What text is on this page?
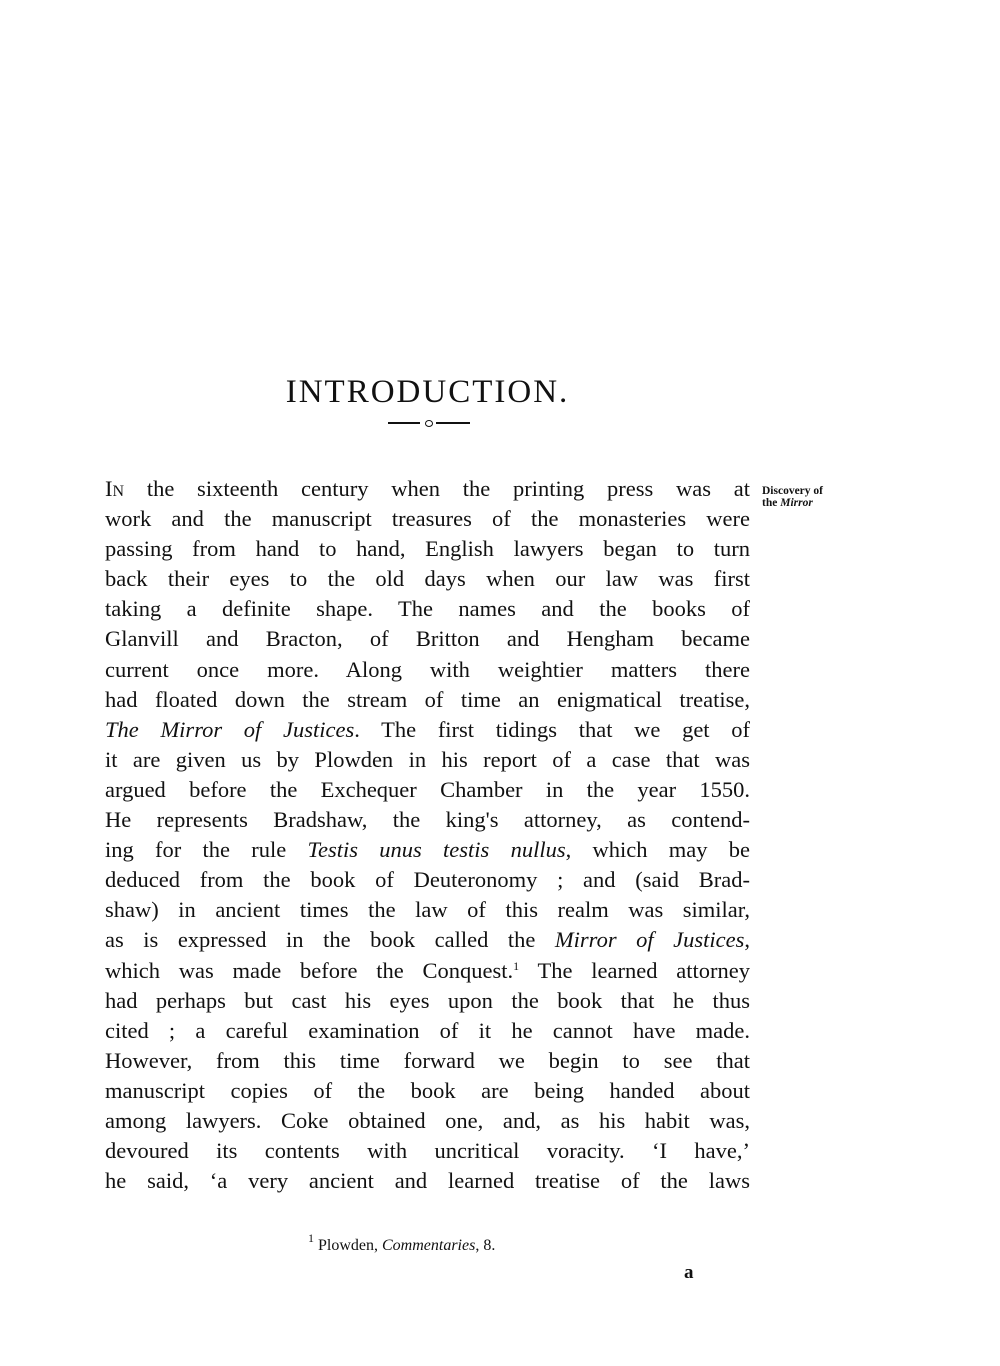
INTRODUCTION.
Discovery of
the Mirror
IN the sixteenth century when the printing press was at
work and the manuscript treasures of the monasteries were
passing from hand to hand, English lawyers began to turn
back their eyes to the old days when our law was first
taking a definite shape. The names and the books of
Glanvill and Bracton, of Britton and Hengham became
current once more. Along with weightier matters there
had floated down the stream of time an enigmatical treatise,
The Mirror of Justices. The first tidings that we get of
it are given us by Plowden in his report of a case that was
argued before the Exchequer Chamber in the year 1550.
He represents Bradshaw, the king's attorney, as contend-
ing for the rule Testis unus testis nullus, which may be
deduced from the book of Deuteronomy ; and (said Brad-
shaw) in ancient times the law of this realm was similar,
as is expressed in the book called the Mirror of Justices,
which was made before the Conquest.$^1$ The learned attorney
had perhaps but cast his eyes upon the book that he thus
cited ; a careful examination of it he cannot have made.
However, from this time forward we begin to see that
manuscript copies of the book are being handed about
among lawyers. Coke obtained one, and, as his habit was,
devoured its contents with uncritical voracity. ‘I have,’
he said, ‘a very ancient and learned treatise of the laws
$^1$ Plowden, Commentaries, 8.
a
